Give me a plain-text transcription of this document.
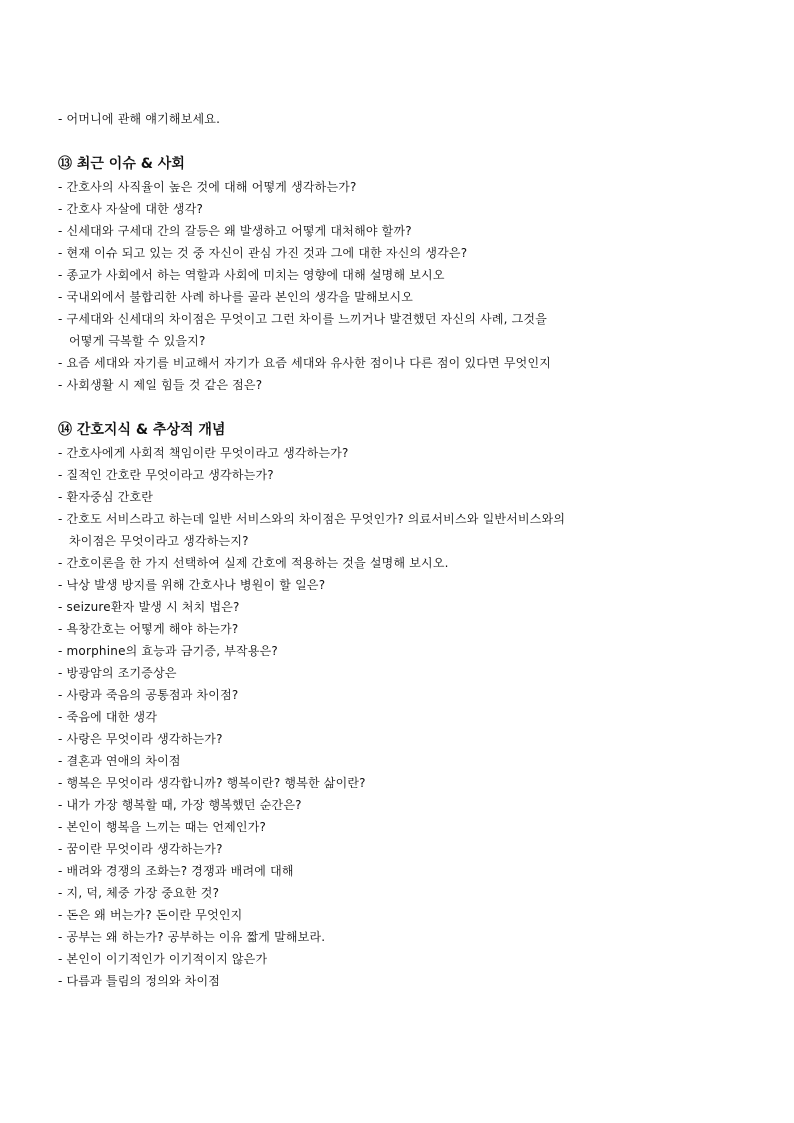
- 어머니에 관해 얘기해보세요.
⑬ 최근 이슈 & 사회
- 간호사의 사직율이 높은 것에 대해 어떻게 생각하는가?
- 간호사 자살에 대한 생각?
- 신세대와 구세대 간의 갈등은 왜 발생하고 어떻게 대처해야 할까?
- 현재 이슈 되고 있는 것 중 자신이 관심 가진 것과 그에 대한 자신의 생각은?
- 종교가 사회에서 하는 역할과 사회에 미치는 영향에 대해 설명해 보시오
- 국내외에서 불합리한 사례 하나를 골라 본인의 생각을 말해보시오
- 구세대와 신세대의 차이점은 무엇이고 그런 차이를 느끼거나 발견했던 자신의 사례, 그것을
어떻게 극복할 수 있을지?
- 요즘 세대와 자기를 비교해서 자기가 요즘 세대와 유사한 점이나 다른 점이 있다면 무엇인지
- 사회생활 시 제일 힘들 것 같은 점은?
⑭ 간호지식 & 추상적 개념
- 간호사에게 사회적 책임이란 무엇이라고 생각하는가?
- 질적인 간호란 무엇이라고 생각하는가?
- 환자중심 간호란
- 간호도 서비스라고 하는데 일반 서비스와의 차이점은 무엇인가? 의료서비스와 일반서비스와의
차이점은 무엇이라고 생각하는지?
- 간호이론을 한 가지 선택하여 실제 간호에 적용하는 것을 설명해 보시오.
- 낙상 발생 방지를 위해 간호사나 병원이 할 일은?
- seizure환자 발생 시 처치 법은?
- 욕창간호는 어떻게 해야 하는가?
- morphine의 효능과 금기증, 부작용은?
- 방광암의 조기증상은
- 사랑과 죽음의 공통점과 차이점?
- 죽음에 대한 생각
- 사랑은 무엇이라 생각하는가?
- 결혼과 연애의 차이점
- 행복은 무엇이라 생각합니까? 행복이란? 행복한 삶이란?
- 내가 가장 행복할 때, 가장 행복했던 순간은?
- 본인이 행복을 느끼는 때는 언제인가?
- 꿈이란 무엇이라 생각하는가?
- 배려와 경쟁의 조화는? 경쟁과 배려에 대해
- 지, 덕, 체중 가장 중요한 것?
- 돈은 왜 버는가? 돈이란 무엇인지
- 공부는 왜 하는가? 공부하는 이유 짧게 말해보라.
- 본인이 이기적인가 이기적이지 않은가
- 다름과 틀림의 정의와 차이점
